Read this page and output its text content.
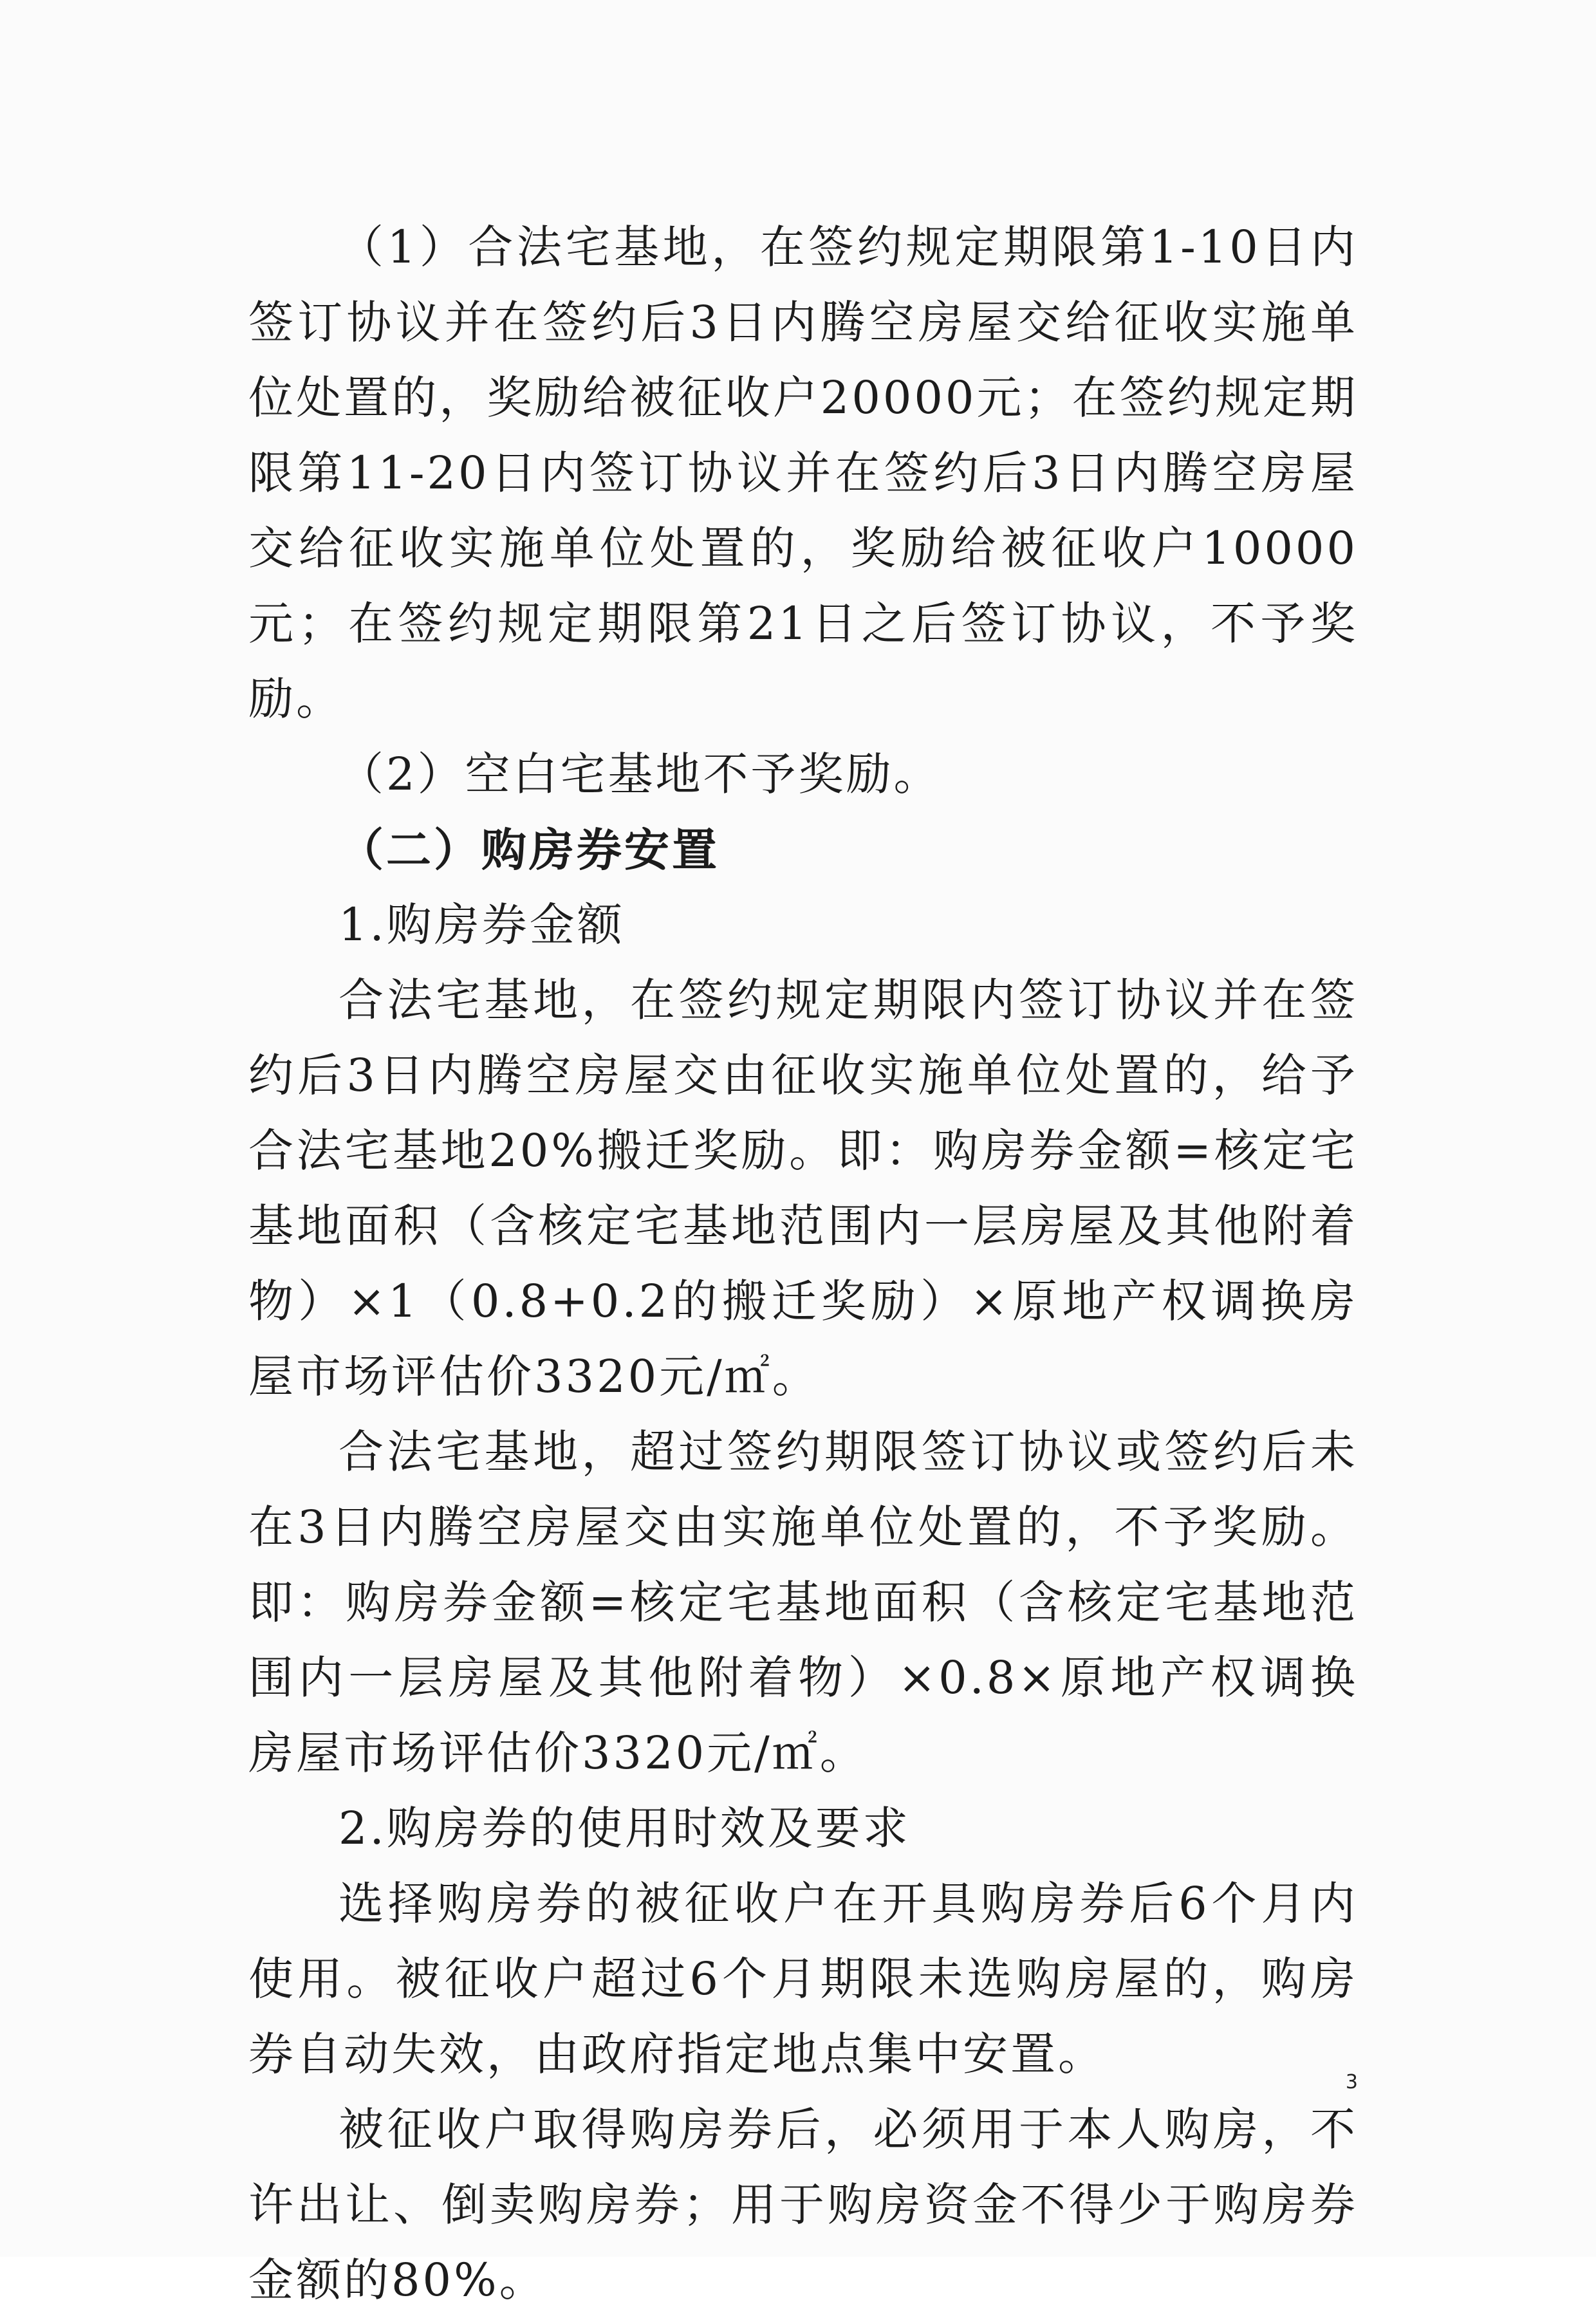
（1）合法宅基地，在签约规定期限第1-10日内签订协议并在签约后3日内腾空房屋交给征收实施单位处置的，奖励给被征收户20000元；在签约规定期限第11-20日内签订协议并在签约后3日内腾空房屋交给征收实施单位处置的，奖励给被征收户10000元；在签约规定期限第21日之后签订协议，不予奖励。

（2）空白宅基地不予奖励。

（二）购房券安置

1.购房券金额

合法宅基地，在签约规定期限内签订协议并在签约后3日内腾空房屋交由征收实施单位处置的，给予合法宅基地20%搬迁奖励。即：购房券金额=核定宅基地面积（含核定宅基地范围内一层房屋及其他附着物）×1（0.8+0.2的搬迁奖励）×原地产权调换房屋市场评估价3320元/㎡。

合法宅基地，超过签约期限签订协议或签约后未在3日内腾空房屋交由实施单位处置的，不予奖励。即：购房券金额=核定宅基地面积（含核定宅基地范围内一层房屋及其他附着物）×0.8×原地产权调换房屋市场评估价3320元/㎡。

2.购房券的使用时效及要求

选择购房券的被征收户在开具购房券后6个月内使用。被征收户超过6个月期限未选购房屋的，购房券自动失效，由政府指定地点集中安置。

被征收户取得购房券后，必须用于本人购房，不许出让、倒卖购房券；用于购房资金不得少于购房券金额的80%。

3
